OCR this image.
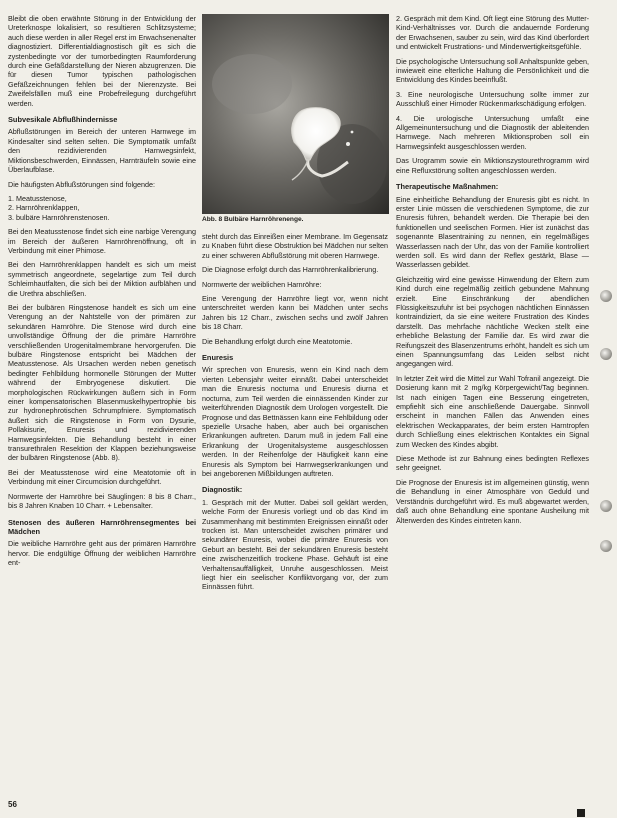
Bleibt die oben erwähnte Störung in der Entwicklung der Ureterknospe lokalisiert, so resultieren Schlitzsysteme; auch diese werden in aller Regel erst im Erwachsenenalter diagnostiziert. Differentialdiagnostisch gilt es sich die zystenbedingte vor der tumorbedingten Raumforderung durch eine Gefäßdarstellung der Nieren abzugrenzen. Die für diesen Tumor typischen pathologischen Gefäßzeichnungen fehlen bei der Nierenzyste. Bei Zweifelsfällen muß eine Probefreilegung durchgeführt werden.

Subvesikale Abflußhindernisse

Abflußstörungen im Bereich der unteren Harnwege im Kindesalter sind selten selten. Die Symptomatik umfaßt den rezidivierenden Harnwegsinfekt, Miktionsbeschwerden, Einnässen, Harnträufeln sowie eine Überlaufblase.

Die häufigsten Abflußstörungen sind folgende:

1. Meatusstenose,
2. Harnröhrenklappen,
3. bulbäre Harnröhrenstenosen.

Bei den Meatusstenose findet sich eine narbige Verengung im Bereich der äußeren Harnröhrenöffnung, oft in Verbindung mit einer Phimose.

Bei den Harnröhrenklappen handelt es sich um meist symmetrisch angeordnete, segelartige zum Teil durch Schleimhautfalten, die sich bei der Miktion aufblähen und die Urethra abschließen.

Bei der bulbären Ringstenose handelt es sich um eine Verengung an der Nahtstelle von der primären zur sekundären Harnröhre. Die Stenose wird durch eine unvollständige Öffnung der die primäre Harnröhre verschließenden Urogenitalmembrane hervorgerufen. Die bulbäre Ringstenose entspricht bei Mädchen der Meatusstenose. Als Ursachen werden neben genetisch bedingter Fehlbildung hormonelle Störungen der Mutter während der Embryogenese diskutiert. Die morphologischen Rückwirkungen äußern sich in Form einer kompensatorischen Blasenmuskelhypertrophie bis zur hydronephrotischen Schrumpfniere. Symptomatisch äußert sich die Ringstenose in Form von Dysurie, Pollakisurie, Enuresis und rezidivierenden Harnwegsinfekten. Die Behandlung besteht in einer transurethralen Resektion der Klappen beziehungsweise der bulbären Ringstenose (Abb. 8).

Bei der Meatusstenose wird eine Meatotomie oft in Verbindung mit einer Circumcision durchgeführt.

Normwerte der Harnröhre bei Säuglingen: 8 bis 8 Charr., bis 8 Jahren Knaben 10 Charr. + Lebensalter.

Stenosen des äußeren Harnröhrensegmentes bei Mädchen

Die weibliche Harnröhre geht aus der primären Harnröhre hervor. Die endgültige Öffnung der weiblichen Harnröhre ent-

Abb. 8 Bulbäre Harnröhrenenge.

steht durch das Einreißen einer Membrane. Im Gegensatz zu Knaben führt diese Obstruktion bei Mädchen nur selten zu einer schweren Abflußstörung mit oberen Harnwege.

Die Diagnose erfolgt durch das Harnröhrenkalibrierung.

Normwerte der weiblichen Harnröhre:

Eine Verengung der Harnröhre liegt vor, wenn nicht unterschreitet werden kann bei Mädchen unter sechs Jahren bis 12 Charr., zwischen sechs und zwölf Jahren bis 18 Charr.

Die Behandlung erfolgt durch eine Meatotomie.

Enuresis

Wir sprechen von Enuresis, wenn ein Kind nach dem vierten Lebensjahr weiter einnäßt. Dabei unterscheidet man die Enuresis nocturna und Enuresis diurna et nocturna, zum Teil werden die einnässenden Kinder zur weiterführenden Diagnostik dem Urologen vorgestellt. Die Prognose und das Bettnässen kann eine Fehlbildung oder spezielle Ursache haben, aber auch bei organischen Erkrankungen auftreten. Darum muß in jedem Fall eine Erkrankung der Urogenitalsysteme ausgeschlossen werden. In der Reihenfolge der Häufigkeit kann eine Enuresis als Symptom bei Harnwegserkrankungen und bei angeborenen Mißbildungen auftreten.

Diagnostik:

1. Gespräch mit der Mutter. Dabei soll geklärt werden, welche Form der Enuresis vorliegt und ob das Kind im Zusammenhang mit bestimmten Ereignissen einnäßt oder trocken ist. Man unterscheidet zwischen primärer und sekundärer Enuresis, wobei die primäre Enuresis von Geburt an besteht. Bei der sekundären Enuresis besteht eine zwischenzeitlich trockene Phase. Gehäuft ist eine Verhaltensauffälligkeit, Unruhe ausgeschlossen. Meist liegt hier ein seelischer Konfliktvorgang vor, der zum Einnässen führt.

2. Gespräch mit dem Kind. Oft liegt eine Störung des Mutter-Kind-Verhältnisses vor. Durch die andauernde Forderung der Erwachsenen, sauber zu sein, wird das Kind überfordert und entwickelt Frustrations- und Minderwertigkeitsgefühle.

Die psychologische Untersuchung soll Anhaltspunkte geben, inwieweit eine elterliche Haltung die Persönlichkeit und die Entwicklung des Kindes beeinflußt.

3. Eine neurologische Untersuchung sollte immer zur Ausschluß einer Hirnoder Rückenmarkschädigung erfolgen.

4. Die urologische Untersuchung umfaßt eine Allgemeinuntersuchung und die Diagnostik der ableitenden Harnwege. Nach mehreren Miktionsproben soll ein Harnwegsinfekt ausgeschlossen werden.

Das Urogramm sowie ein Miktionszystourethrogramm wird eine Refluxstörung sollten angeschlossen werden.

Therapeutische Maßnahmen:

Eine einheitliche Behandlung der Enuresis gibt es nicht. In erster Linie müssen die verschiedenen Symptome, die zur Enuresis führen, behandelt werden. Die Therapie bei den funktionellen und seelischen Formen. Hier ist zunächst das sogenannte Blasentraining zu nennen, ein regelmäßiges Wasserlassen nach der Uhr, das von der Familie kontrolliert werden soll. Es wird dann der Reflex gestärkt, Blase — Wasserlassen gebildet.

Gleichzeitig wird eine gewisse Hinwendung der Eltern zum Kind durch eine regelmäßig zeitlich gebundene Mahnung erzielt. Eine Einschränkung der abendlichen Flüssigkeitszufuhr ist bei psychogen nächtlichen Einnässen kontraindiziert, da sie eine weitere Frustration des Kindes darstellt. Das mehrfache nächtliche Wecken stellt eine erhebliche Belastung der Familie dar. Es wird zwar die Reifungszeit des Blasenzentrums erhöht, handelt es sich um einen Spannungsumfang das Leiden selbst nicht angegangen wird.

In letzter Zeit wird die Mittel zur Wahl Tofranil angezeigt. Die Dosierung kann mit 2 mg/kg Körpergewicht/Tag beginnen. Ist nach einigen Tagen eine Besserung eingetreten, empfiehlt sich eine anschließende Dauergabe. Sinnvoll erscheint in manchen Fällen das Anwenden eines elektrischen Weckapparates, der beim ersten Harntropfen durch Schließung eines elektrischen Kontaktes ein Signal zum Wecken des Kindes abgibt.

Diese Methode ist zur Bahnung eines bedingten Reflexes sehr geeignet.

Die Prognose der Enuresis ist im allgemeinen günstig, wenn die Behandlung in einer Atmosphäre von Geduld und Verständnis durchgeführt wird. Es muß abgewartet werden, daß auch ohne Behandlung eine spontane Ausheilung mit Älterwerden des Kindes eintreten kann.

56
